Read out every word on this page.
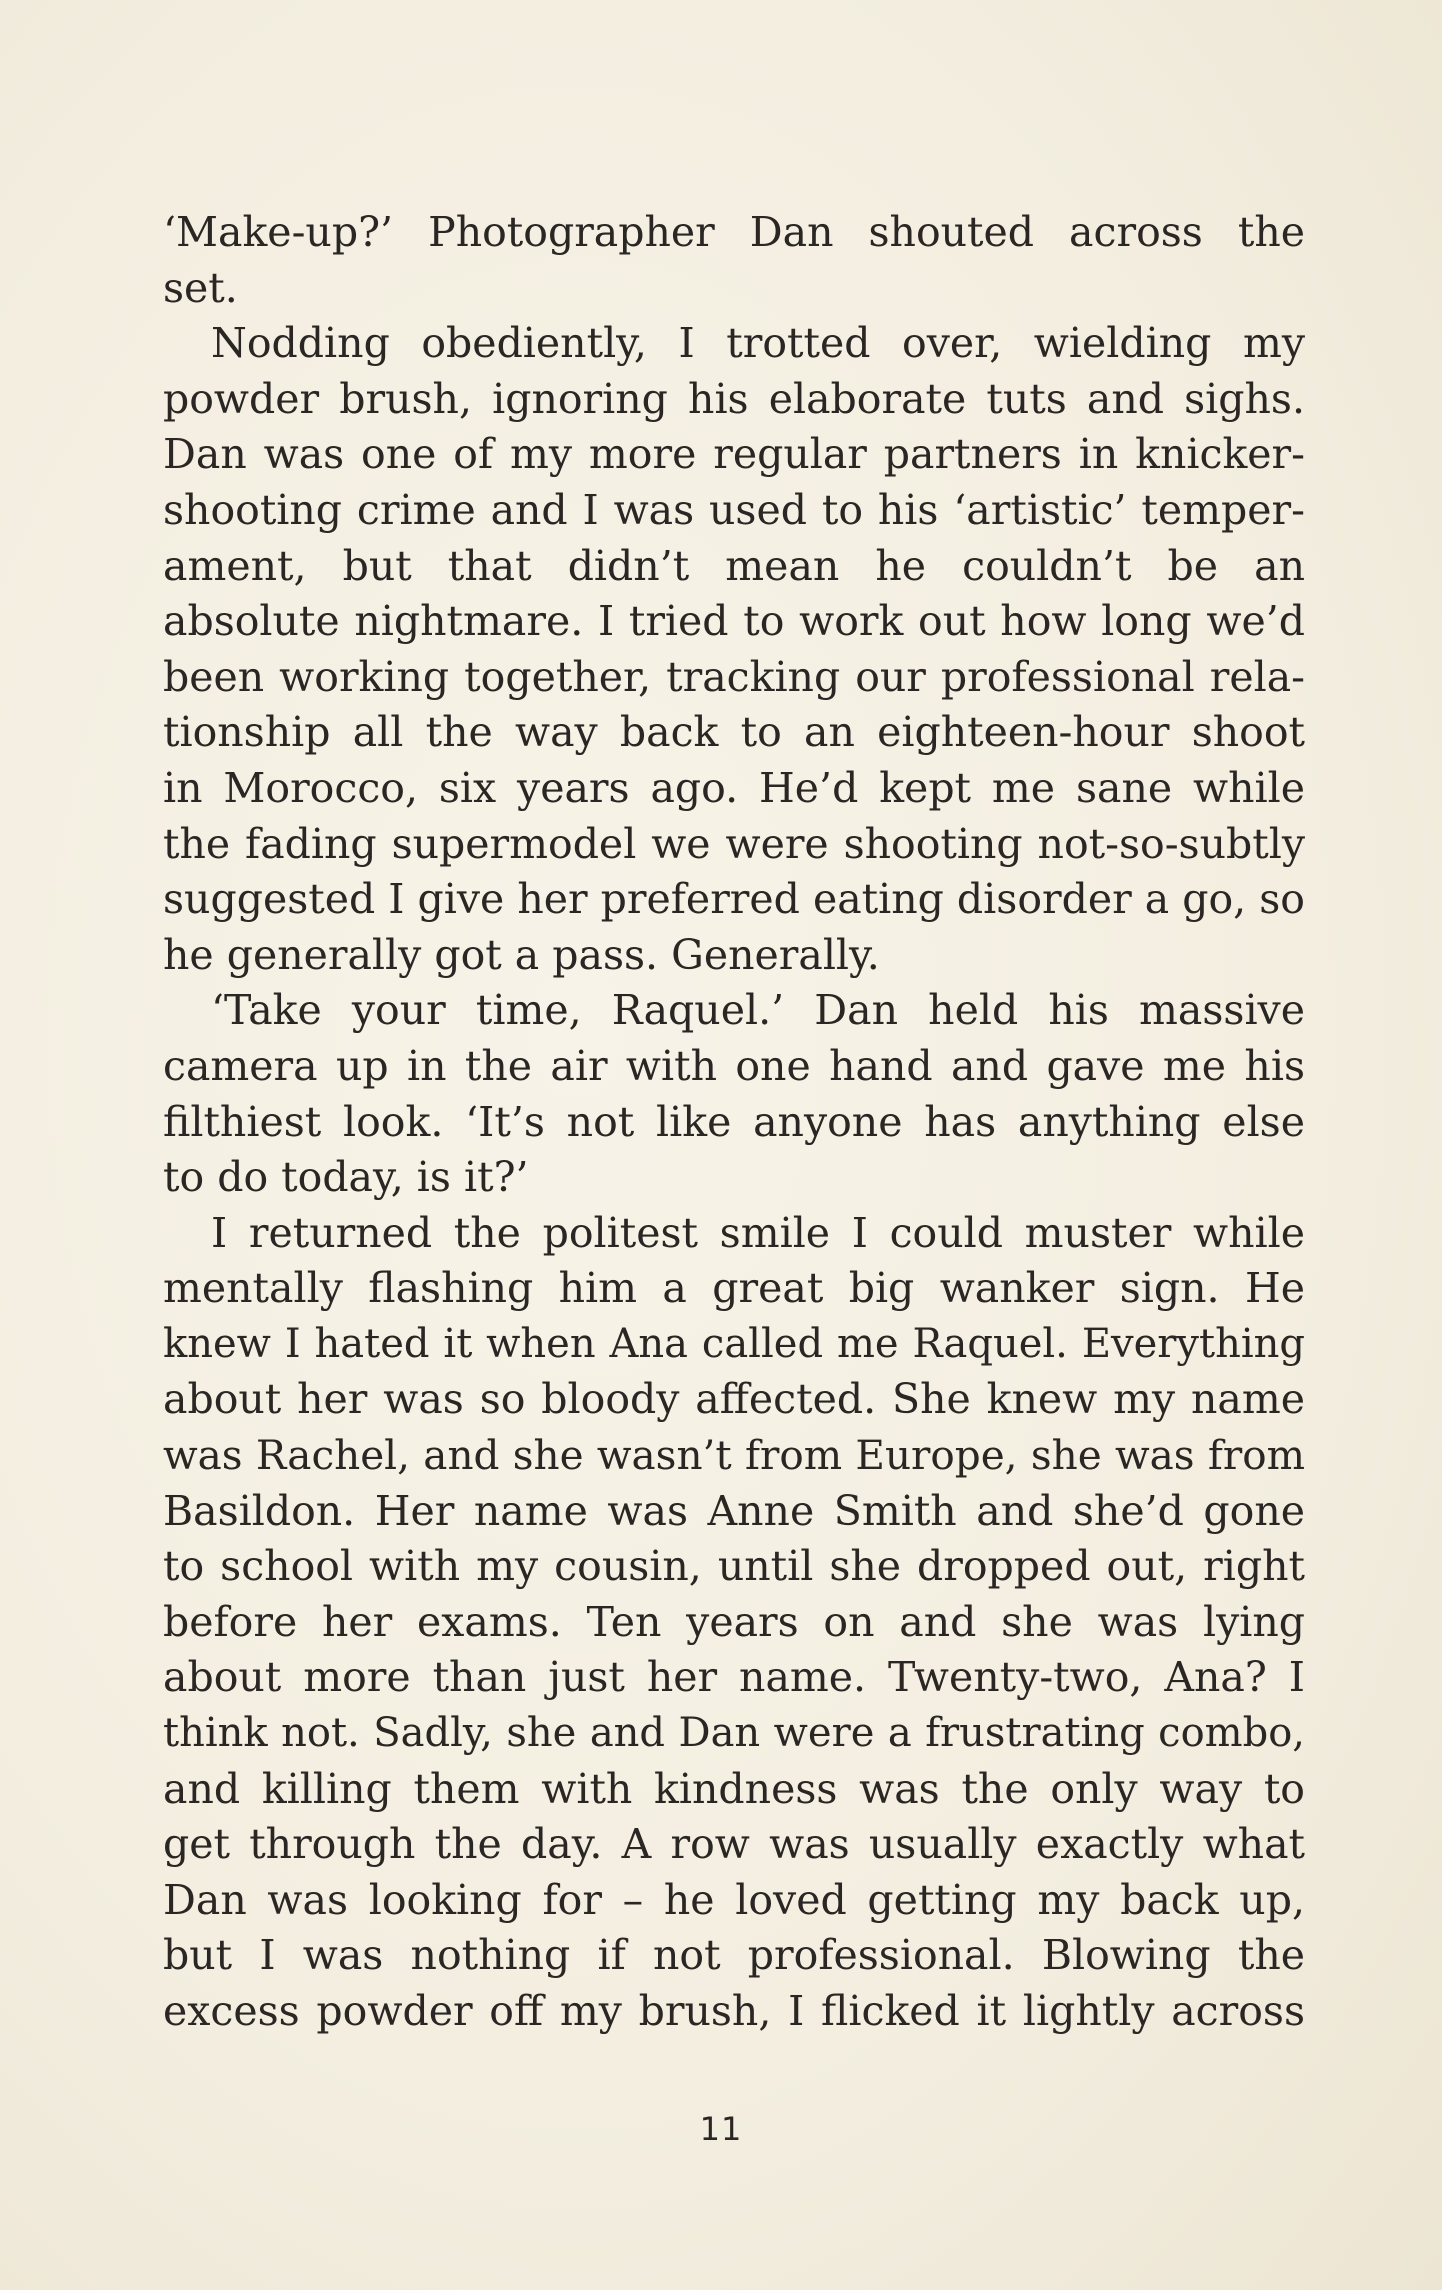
‘Make-up?’ Photographer Dan shouted across the
set.

Nodding obediently, I trotted over, wielding my
powder brush, ignoring his elaborate tuts and sighs.
Dan was one of my more regular partners in knicker-
shooting crime and I was used to his ‘artistic’ temper-
ament, but that didn’t mean he couldn’t be an
absolute nightmare. I tried to work out how long we’d
been working together, tracking our professional rela-
tionship all the way back to an eighteen-hour shoot
in Morocco, six years ago. He’d kept me sane while
the fading supermodel we were shooting not-so-subtly
suggested I give her preferred eating disorder a go, so
he generally got a pass. Generally.

‘Take your time, Raquel.’ Dan held his massive
camera up in the air with one hand and gave me his
filthiest look. ‘It’s not like anyone has anything else
to do today, is it?’

I returned the politest smile I could muster while
mentally flashing him a great big wanker sign. He
knew I hated it when Ana called me Raquel. Everything
about her was so bloody affected. She knew my name
was Rachel, and she wasn’t from Europe, she was from
Basildon. Her name was Anne Smith and she’d gone
to school with my cousin, until she dropped out, right
before her exams. Ten years on and she was lying
about more than just her name. Twenty-two, Ana? I
think not. Sadly, she and Dan were a frustrating combo,
and killing them with kindness was the only way to
get through the day. A row was usually exactly what
Dan was looking for – he loved getting my back up,
but I was nothing if not professional. Blowing the
excess powder off my brush, I flicked it lightly across

11
